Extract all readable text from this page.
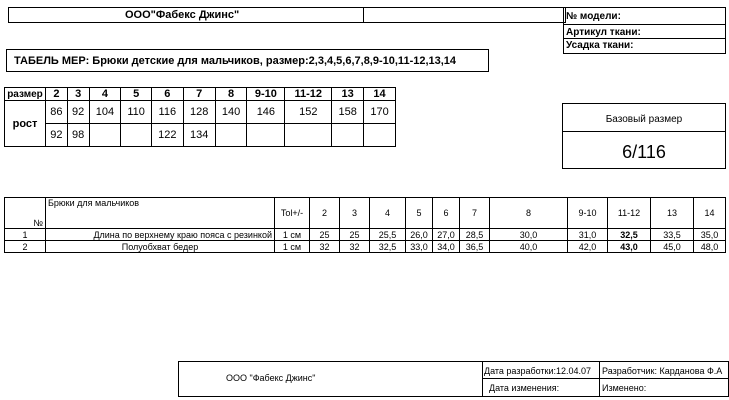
ООО"Фабекс Джинс"	№ модели:
Артикул ткани:
Усадка ткани:
ТАБЕЛЬ МЕР: Брюки детские для мальчиков, размер:2,3,4,5,6,7,8,9-10,11-12,13,14
размер	2	3	4	5	6	7	8	9-10	11-12	13	14
рост	86	92	104	110	116	128	140	146	152	158	170
	92	98			122	134					
Базовый размер
6/116
№	Брюки для мальчиков	Tol+/-	2	3	4	5	6	7	8	9-10	11-12	13	14
1	Длина по верхнему краю пояса с резинкой	1 см	25	25	25,5	26,0	27,0	28,5	30,0	31,0	32,5	33,5	35,0
2	Полуобхват бедер	1 см	32	32	32,5	33,0	34,0	36,5	40,0	42,0	43,0	45,0	48,0
ООО "Фабекс Джинс"
Дата разработки:12.04.07
Дата изменения:
Разработчик: Карданова Ф.А
Изменено:
